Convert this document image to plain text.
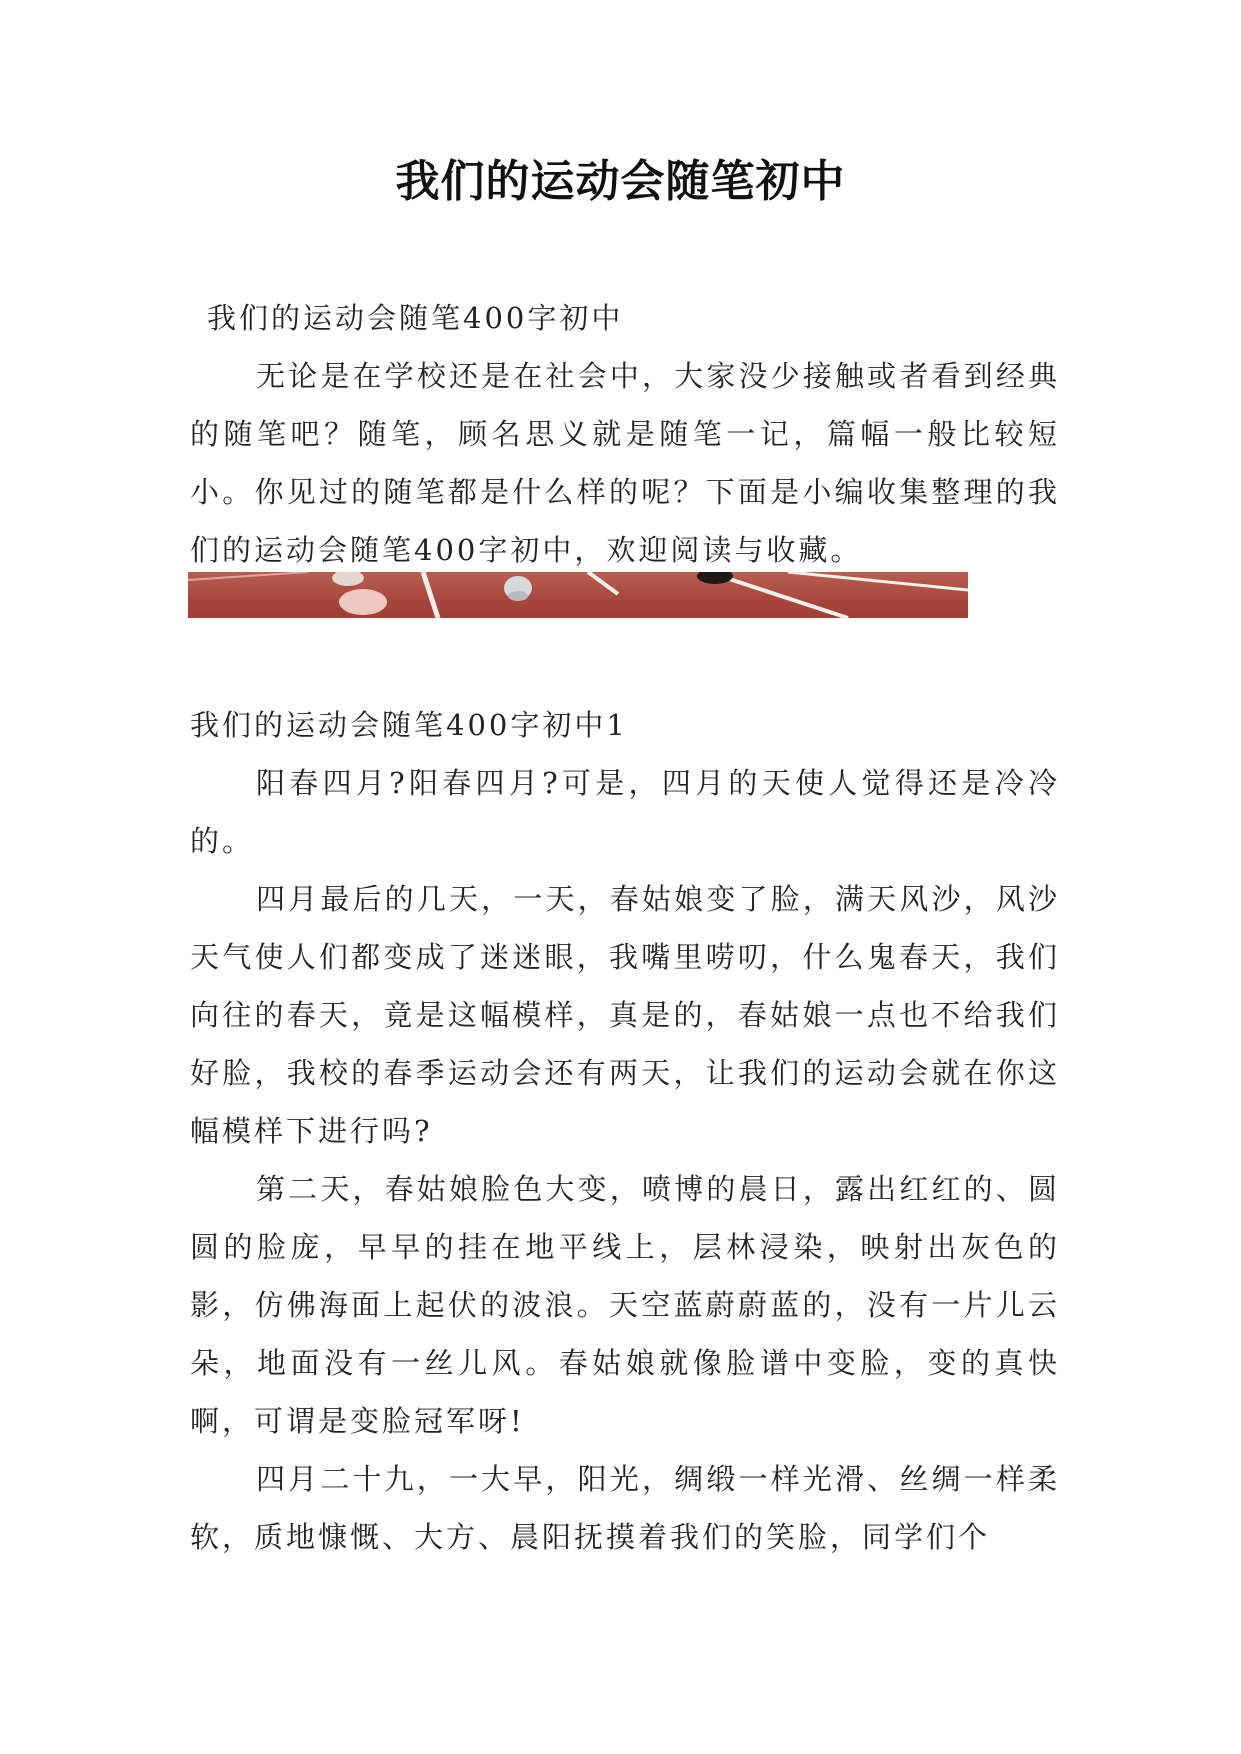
我们的运动会随笔初中

我们的运动会随笔400字初中

无论是在学校还是在社会中，大家没少接触或者看到经典的随笔吧？随笔，顾名思义就是随笔一记，篇幅一般比较短小。你见过的随笔都是什么样的呢？下面是小编收集整理的我们的运动会随笔400字初中，欢迎阅读与收藏。

我们的运动会随笔400字初中1

阳春四月?阳春四月?可是，四月的天使人觉得还是冷冷的。

四月最后的几天，一天，春姑娘变了脸，满天风沙，风沙天气使人们都变成了迷迷眼，我嘴里唠叨，什么鬼春天，我们向往的春天，竟是这幅模样，真是的，春姑娘一点也不给我们好脸，我校的春季运动会还有两天，让我们的运动会就在你这幅模样下进行吗?

第二天，春姑娘脸色大变，喷博的晨日，露出红红的、圆圆的脸庞，早早的挂在地平线上，层林浸染，映射出灰色的影，仿佛海面上起伏的波浪。天空蓝蔚蔚蓝的，没有一片儿云朵，地面没有一丝儿风。春姑娘就像脸谱中变脸，变的真快啊，可谓是变脸冠军呀!

四月二十九，一大早，阳光，绸缎一样光滑、丝绸一样柔软，质地慷慨、大方、晨阳抚摸着我们的笑脸，同学们个
